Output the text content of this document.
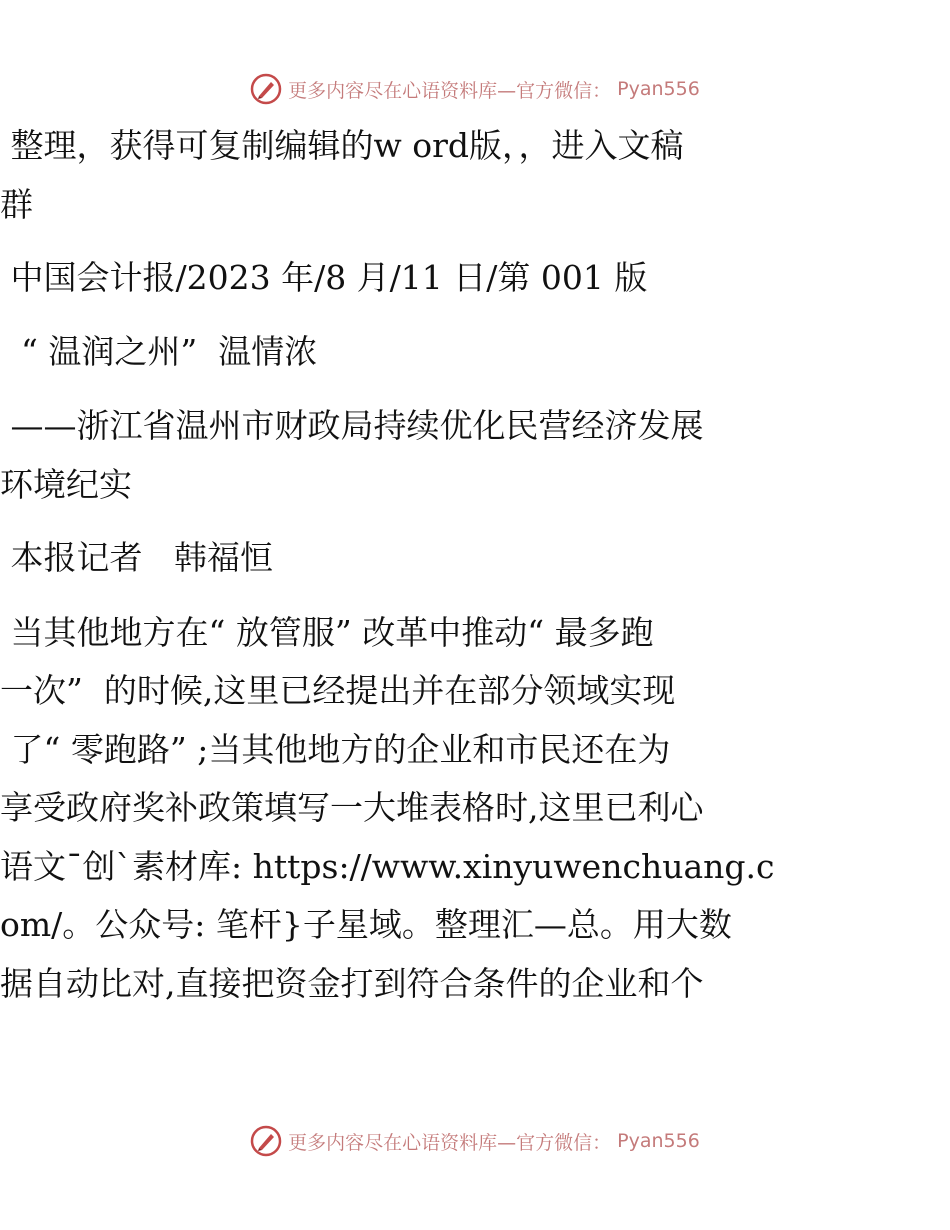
更多内容尽在心语资料库—官方微信： Pyan556
整理，获得可复制编辑的w ord版，，进入文稿
群
中国会计报/2023 年/8 月/11 日/第 001 版
“ 温润之州”  温情浓
——浙江省温州市财政局持续优化民营经济发展
环境纪实
本报记者   韩福恒
当其他地方在“ 放管服” 改革中推动“ 最多跑
一次”  的时候,这里已经提出并在部分领域实现
了“ 零跑路” ;当其他地方的企业和市民还在为
享受政府奖补政策填写一大堆表格时,这里已利心
语文¯创`素材库: https://www.xinyuwenchuang.c
om/。公众号: 笔杆}子星域。整理汇—总。用大数
据自动比对,直接把资金打到符合条件的企业和个
更多内容尽在心语资料库—官方微信： Pyan556
